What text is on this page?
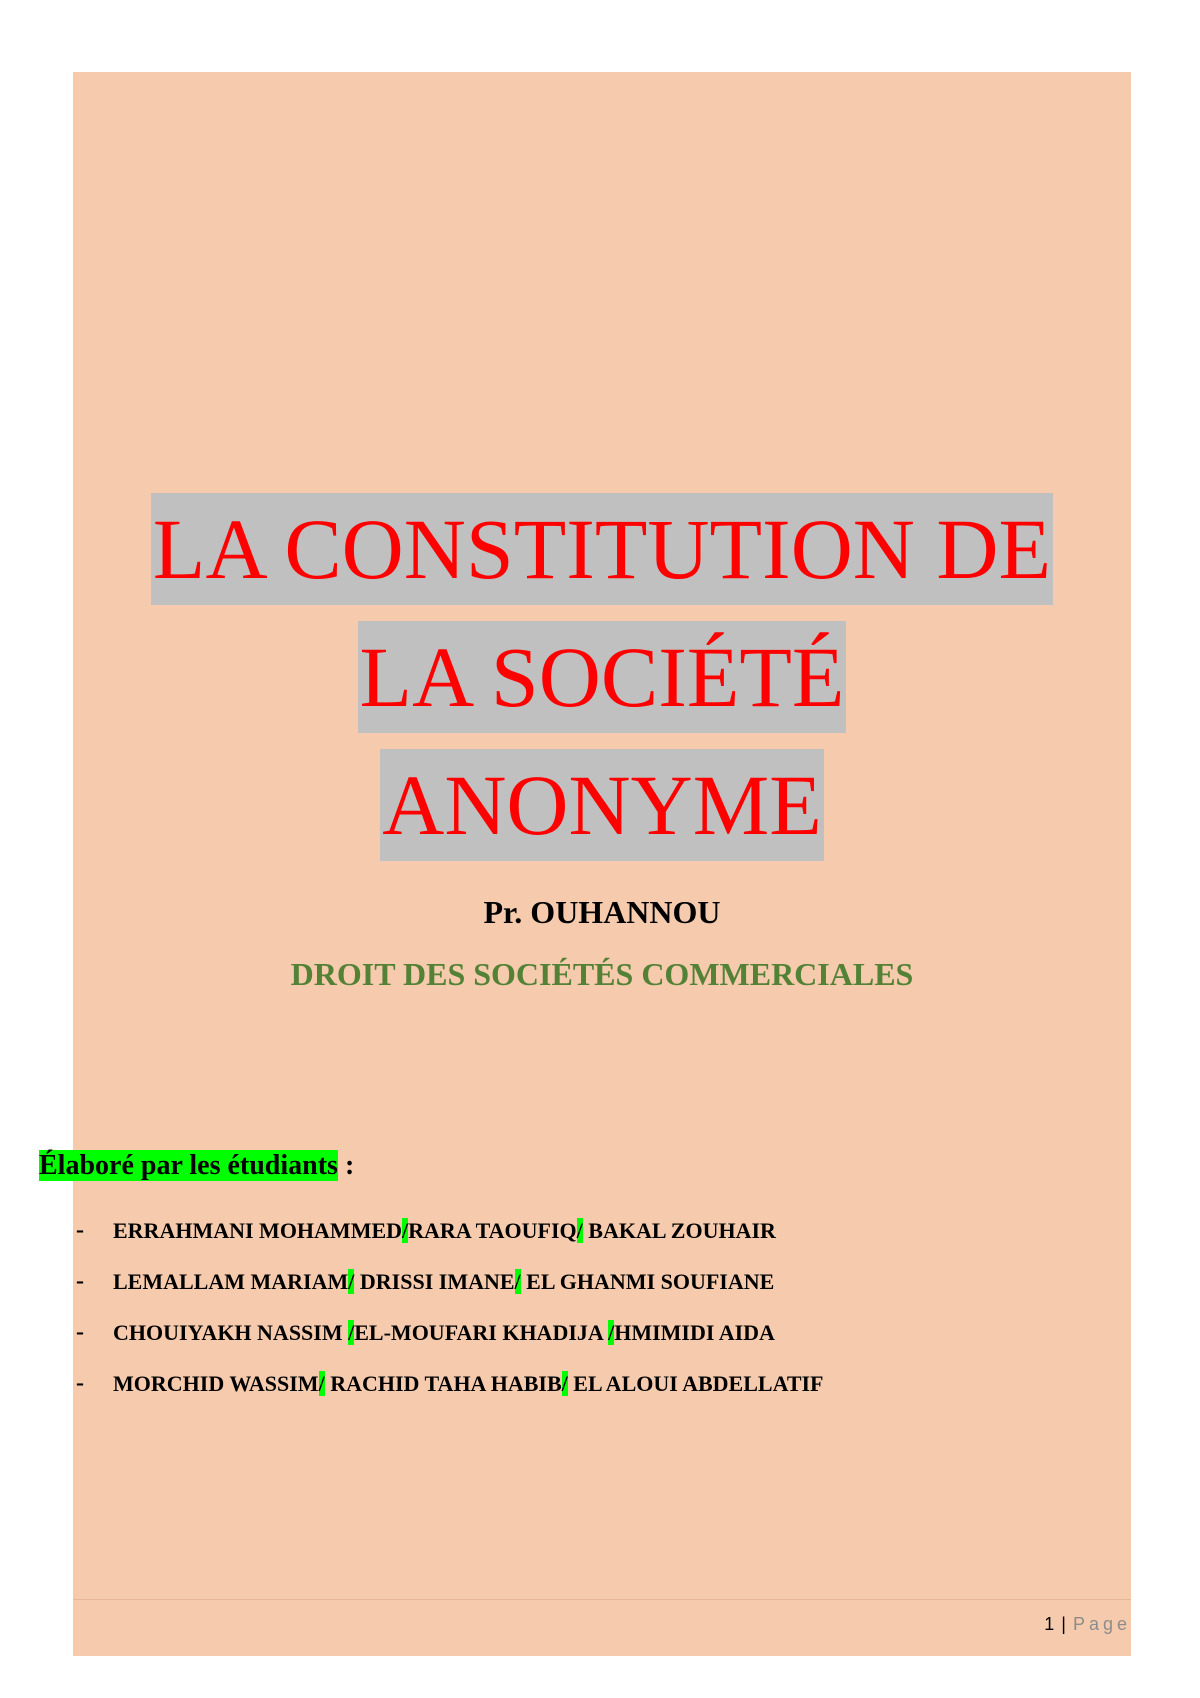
LA CONSTITUTION DE
LA SOCIÉTÉ
ANONYME
Pr. OUHANNOU
DROIT DES SOCIÉTÉS COMMERCIALES
Élaboré par les étudiants :
- ERRAHMANI MOHAMMED/RARA TAOUFIQ/ BAKAL ZOUHAIR
- LEMALLAM MARIAM/ DRISSI IMANE/ EL GHANMI SOUFIANE
- CHOUIYAKH NASSIM /EL-MOUFARI KHADIJA /HMIMIDI AIDA
- MORCHID WASSIM/ RACHID TAHA HABIB/ EL ALOUI ABDELLATIF
1 | Page
